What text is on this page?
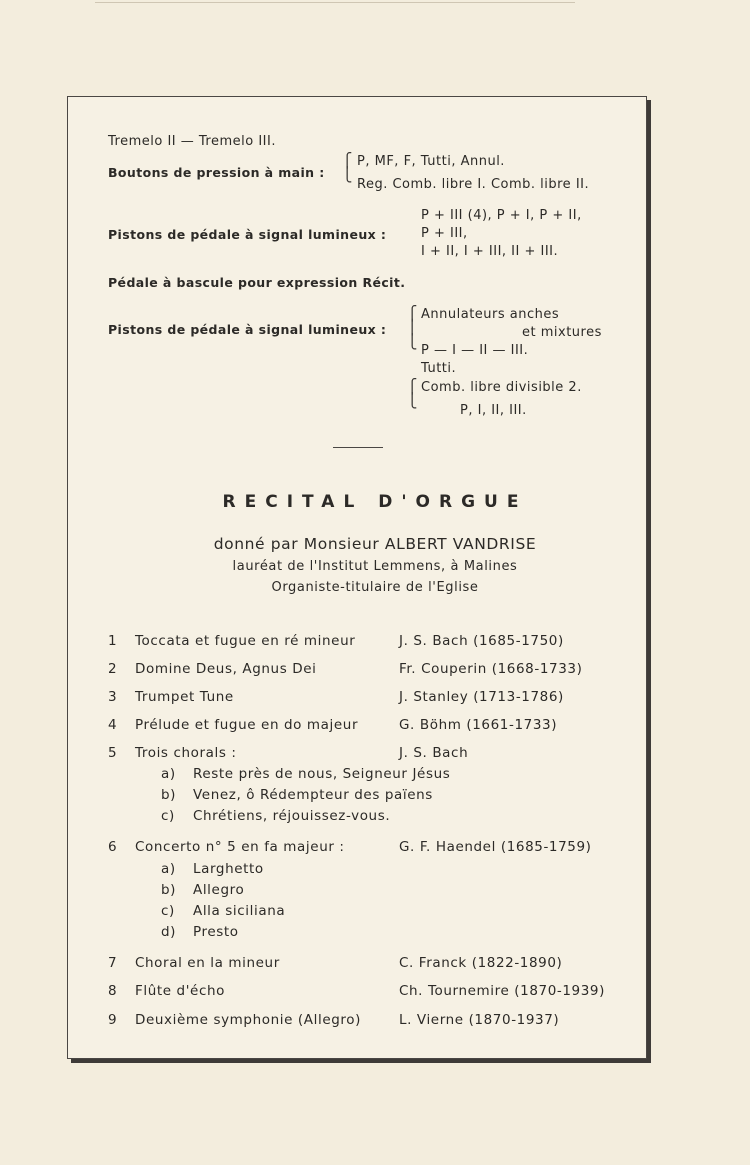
Tremelo II — Tremelo III.
Boutons de pression à main :
⎧
⎩
P, MF, F, Tutti, Annul.
Reg. Comb. libre I. Comb. libre II.
Pistons de pédale à signal lumineux :
P + III (4), P + I, P + II,
P + III,
I + II, I + III, II + III.
Pédale à bascule pour expression Récit.
Pistons de pédale à signal lumineux :
⎧
⎪
⎩
Annulateurs anches
et mixtures
P — I — II — III.
Tutti.
⎧
⎩
Comb. libre divisible 2.
P, I, II, III.
RECITAL D'ORGUE
donné par Monsieur ALBERT VANDRISE
lauréat de l'Institut Lemmens, à Malines
Organiste-titulaire de l'Eglise
1 Toccata et fugue en ré mineur	J. S. Bach (1685-1750)
2 Domine Deus, Agnus Dei	Fr. Couperin (1668-1733)
3 Trumpet Tune	J. Stanley (1713-1786)
4 Prélude et fugue en do majeur	G. Böhm (1661-1733)
5 Trois chorals :	J. S. Bach
a) Reste près de nous, Seigneur Jésus
b) Venez, ô Rédempteur des païens
c) Chrétiens, réjouissez-vous.
6 Concerto n° 5 en fa majeur :	G. F. Haendel (1685-1759)
a) Larghetto
b) Allegro
c) Alla siciliana
d) Presto
7 Choral en la mineur	C. Franck (1822-1890)
8 Flûte d'écho	Ch. Tournemire (1870-1939)
9 Deuxième symphonie (Allegro)	L. Vierne (1870-1937)
